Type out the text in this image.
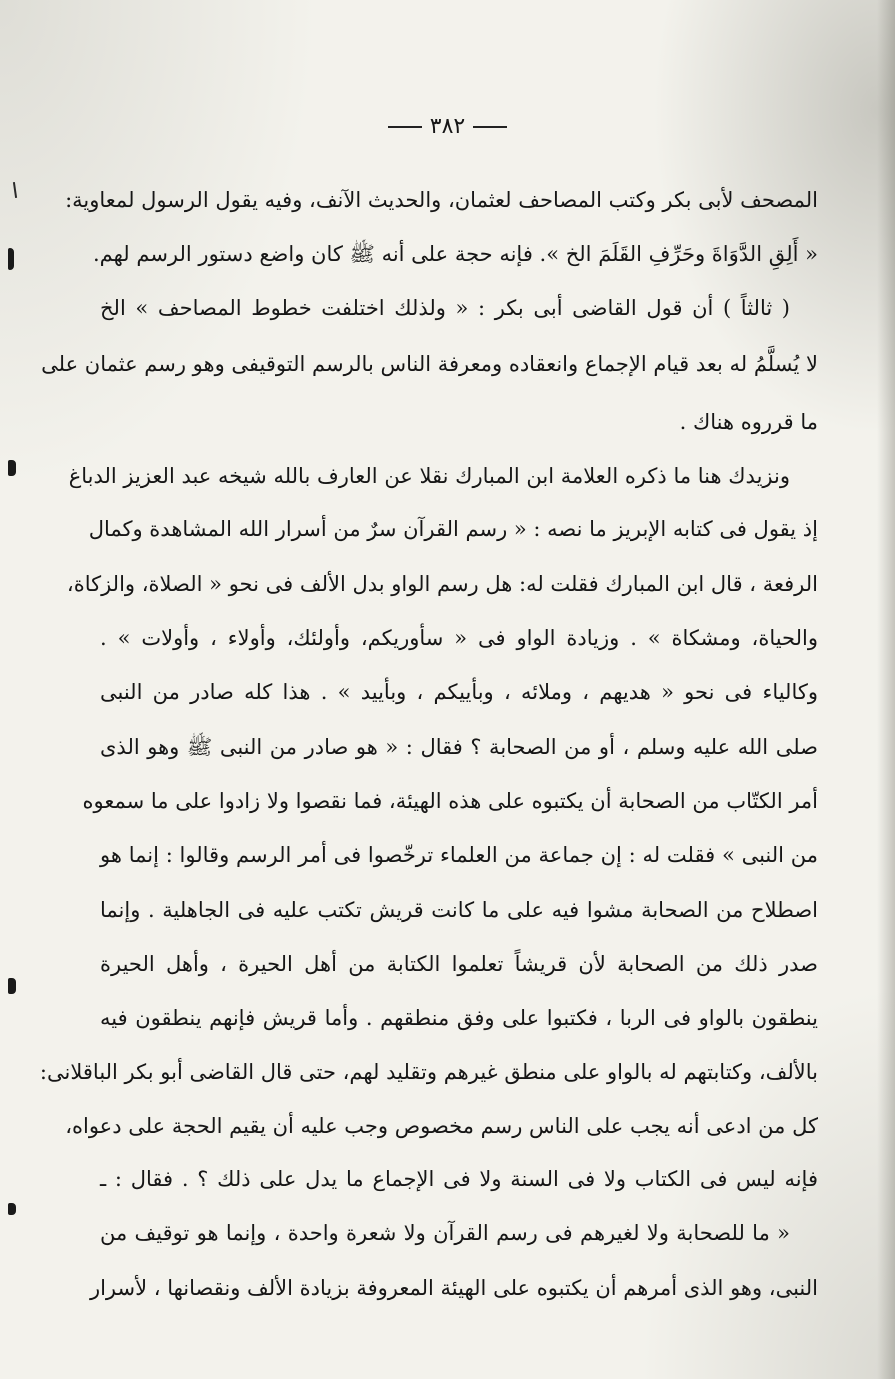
٣٨٢
المصحف لأبى بكر وكتب المصاحف لعثمان، والحديث الآنف، وفيه يقول الرسول لمعاوية:
« أَلِقِ الدَّوَاةَ وحَرِّفِ القَلَمَ الخ ». فإنه حجة على أنه ﷺ كان واضع دستور الرسم لهم.
( ثالثاً ) أن قول القاضى أبى بكر : « ولذلك اختلفت خطوط المصاحف » الخ
لا يُسلَّمُ له بعد قيام الإجماع وانعقاده ومعرفة الناس بالرسم التوقيفى وهو رسم عثمان على
ما قرروه هناك .
ونزيدك هنا ما ذكره العلامة ابن المبارك نقلا عن العارف بالله شيخه عبد العزيز الدباغ
إذ يقول فى كتابه الإبريز ما نصه : « رسم القرآن سرٌ من أسرار الله المشاهدة وكمال
الرفعة ، قال ابن المبارك فقلت له: هل رسم الواو بدل الألف فى نحو « الصلاة، والزكاة،
والحياة، ومشكاة » . وزيادة الواو فى « سأوريكم، وأولئك، وأولاء ، وأولات » .
وكالياء فى نحو « هديهم ، وملائه ، وبأييكم ، وبأييد » . هذا كله صادر من النبى
صلى الله عليه وسلم ، أو من الصحابة ؟ فقال : « هو صادر من النبى ﷺ وهو الذى
أمر الكتّاب من الصحابة أن يكتبوه على هذه الهيئة، فما نقصوا ولا زادوا على ما سمعوه
من النبى » فقلت له : إن جماعة من العلماء ترخّصوا فى أمر الرسم وقالوا : إنما هو
اصطلاح من الصحابة مشوا فيه على ما كانت قريش تكتب عليه فى الجاهلية . وإنما
صدر ذلك من الصحابة لأن قريشاً تعلموا الكتابة من أهل الحيرة ، وأهل الحيرة
ينطقون بالواو فى الربا ، فكتبوا على وفق منطقهم . وأما قريش فإنهم ينطقون فيه
بالألف، وكتابتهم له بالواو على منطق غيرهم وتقليد لهم، حتى قال القاضى أبو بكر الباقلانى:
كل من ادعى أنه يجب على الناس رسم مخصوص وجب عليه أن يقيم الحجة على دعواه،
فإنه ليس فى الكتاب ولا فى السنة ولا فى الإجماع ما يدل على ذلك ؟ . فقال : ـ
« ما للصحابة ولا لغيرهم فى رسم القرآن ولا شعرة واحدة ، وإنما هو توقيف من
النبى، وهو الذى أمرهم أن يكتبوه على الهيئة المعروفة بزيادة الألف ونقصانها ، لأسرار
